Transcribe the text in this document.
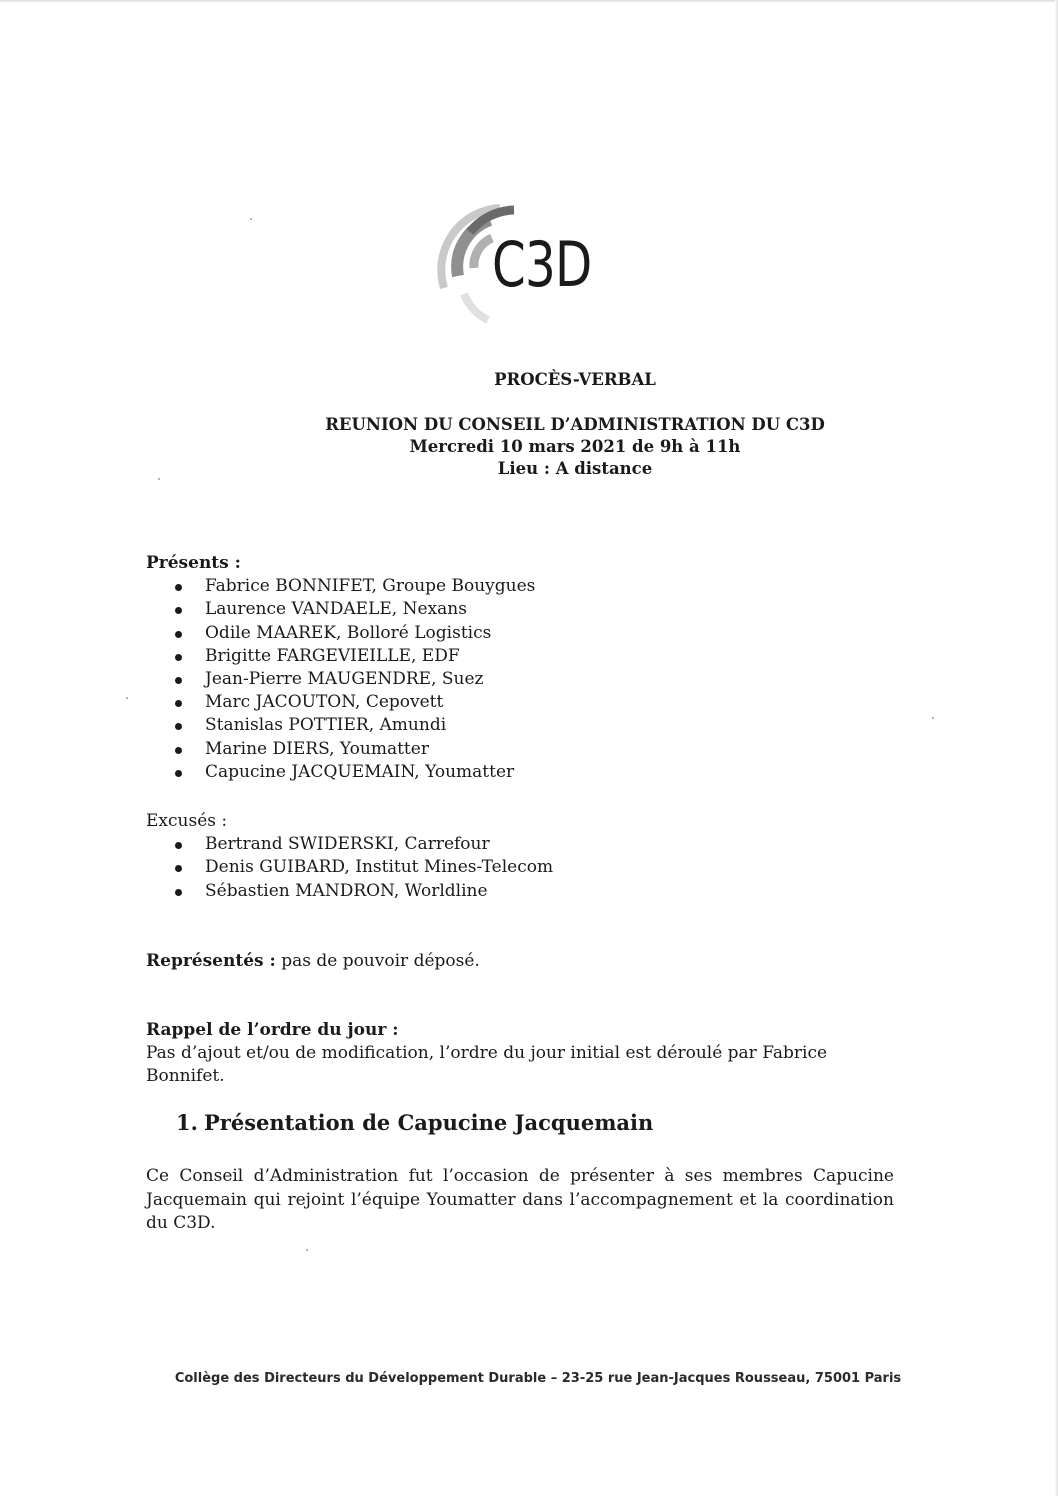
C3D
PROCÈS-VERBAL
REUNION DU CONSEIL D’ADMINISTRATION DU C3D
Mercredi 10 mars 2021 de 9h à 11h
Lieu : A distance
Présents :
Fabrice BONNIFET, Groupe Bouygues
Laurence VANDAELE, Nexans
Odile MAAREK, Bolloré Logistics
Brigitte FARGEVIEILLE, EDF
Jean-Pierre MAUGENDRE, Suez
Marc JACOUTON, Cepovett
Stanislas POTTIER, Amundi
Marine DIERS, Youmatter
Capucine JACQUEMAIN, Youmatter
Excusés :
Bertrand SWIDERSKI, Carrefour
Denis GUIBARD, Institut Mines-Telecom
Sébastien MANDRON, Worldline
Représentés : pas de pouvoir déposé.
Rappel de l’ordre du jour :
Pas d’ajout et/ou de modification, l’ordre du jour initial est déroulé par Fabrice Bonnifet.
1. Présentation de Capucine Jacquemain
Ce Conseil d’Administration fut l’occasion de présenter à ses membres Capucine Jacquemain qui rejoint l’équipe Youmatter dans l’accompagnement et la coordination du C3D.
Collège des Directeurs du Développement Durable – 23-25 rue Jean-Jacques Rousseau, 75001 Paris
